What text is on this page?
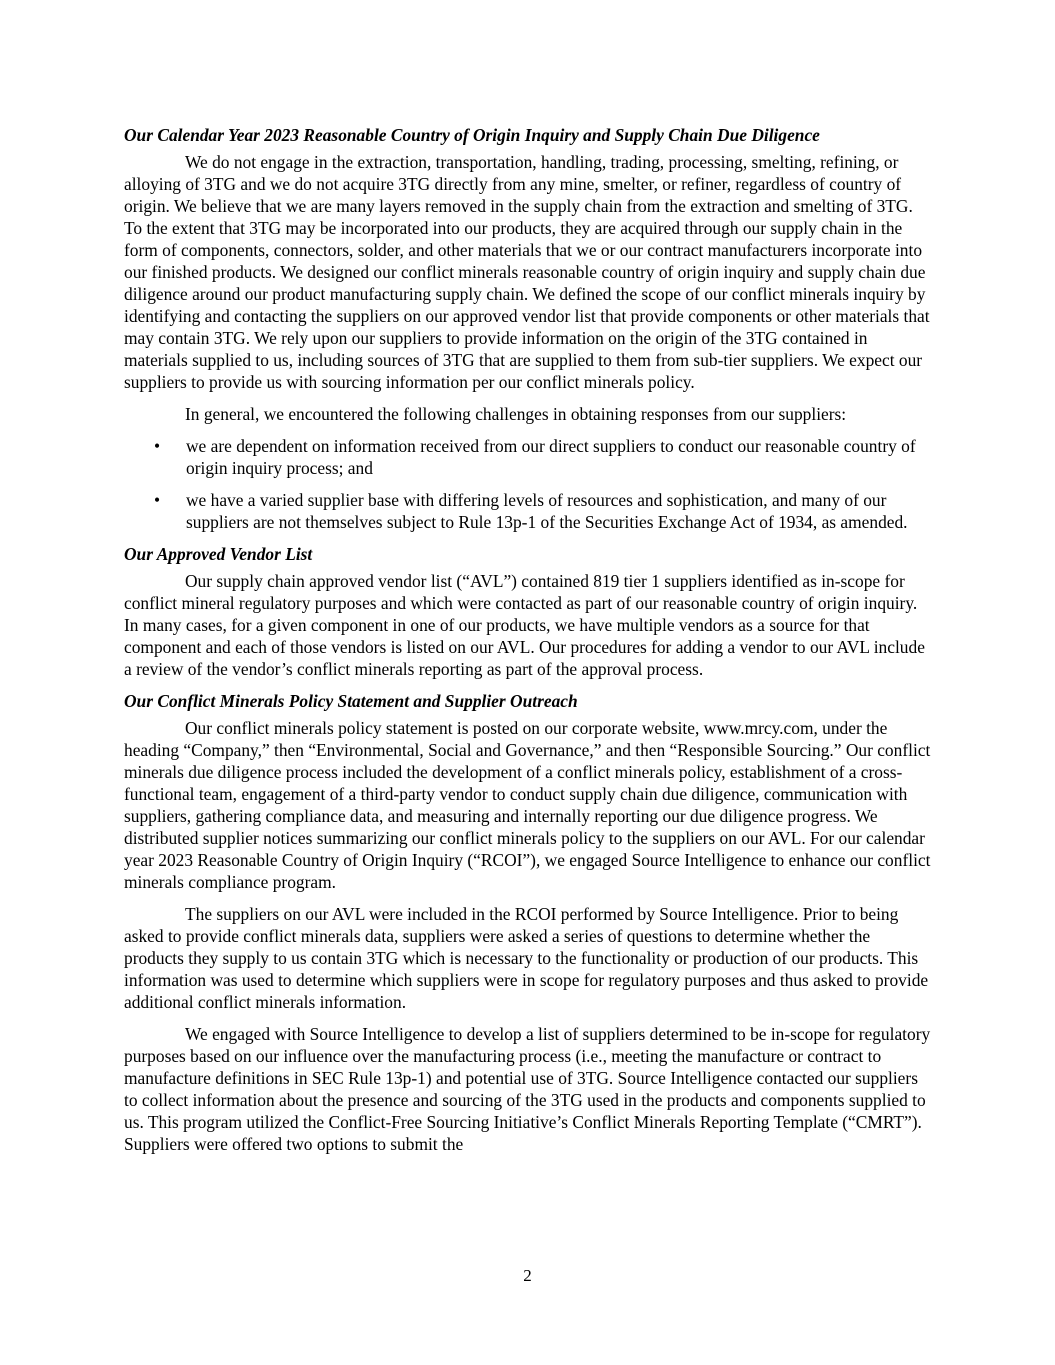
Our Calendar Year 2023 Reasonable Country of Origin Inquiry and Supply Chain Due Diligence

We do not engage in the extraction, transportation, handling, trading, processing, smelting, refining, or alloying of 3TG and we do not acquire 3TG directly from any mine, smelter, or refiner, regardless of country of origin. We believe that we are many layers removed in the supply chain from the extraction and smelting of 3TG. To the extent that 3TG may be incorporated into our products, they are acquired through our supply chain in the form of components, connectors, solder, and other materials that we or our contract manufacturers incorporate into our finished products. We designed our conflict minerals reasonable country of origin inquiry and supply chain due diligence around our product manufacturing supply chain. We defined the scope of our conflict minerals inquiry by identifying and contacting the suppliers on our approved vendor list that provide components or other materials that may contain 3TG. We rely upon our suppliers to provide information on the origin of the 3TG contained in materials supplied to us, including sources of 3TG that are supplied to them from sub-tier suppliers. We expect our suppliers to provide us with sourcing information per our conflict minerals policy.

In general, we encountered the following challenges in obtaining responses from our suppliers:

• we are dependent on information received from our direct suppliers to conduct our reasonable country of origin inquiry process; and
• we have a varied supplier base with differing levels of resources and sophistication, and many of our suppliers are not themselves subject to Rule 13p-1 of the Securities Exchange Act of 1934, as amended.
Our Approved Vendor List

Our supply chain approved vendor list (“AVL”) contained 819 tier 1 suppliers identified as in-scope for conflict mineral regulatory purposes and which were contacted as part of our reasonable country of origin inquiry. In many cases, for a given component in one of our products, we have multiple vendors as a source for that component and each of those vendors is listed on our AVL. Our procedures for adding a vendor to our AVL include a review of the vendor’s conflict minerals reporting as part of the approval process.

Our Conflict Minerals Policy Statement and Supplier Outreach

Our conflict minerals policy statement is posted on our corporate website, www.mrcy.com, under the heading “Company,” then “Environmental, Social and Governance,” and then “Responsible Sourcing.” Our conflict minerals due diligence process included the development of a conflict minerals policy, establishment of a cross-functional team, engagement of a third-party vendor to conduct supply chain due diligence, communication with suppliers, gathering compliance data, and measuring and internally reporting our due diligence progress. We distributed supplier notices summarizing our conflict minerals policy to the suppliers on our AVL. For our calendar year 2023 Reasonable Country of Origin Inquiry (“RCOI”), we engaged Source Intelligence to enhance our conflict minerals compliance program.

The suppliers on our AVL were included in the RCOI performed by Source Intelligence. Prior to being asked to provide conflict minerals data, suppliers were asked a series of questions to determine whether the products they supply to us contain 3TG which is necessary to the functionality or production of our products. This information was used to determine which suppliers were in scope for regulatory purposes and thus asked to provide additional conflict minerals information.

We engaged with Source Intelligence to develop a list of suppliers determined to be in-scope for regulatory purposes based on our influence over the manufacturing process (i.e., meeting the manufacture or contract to manufacture definitions in SEC Rule 13p-1) and potential use of 3TG. Source Intelligence contacted our suppliers to collect information about the presence and sourcing of the 3TG used in the products and components supplied to us. This program utilized the Conflict-Free Sourcing Initiative’s Conflict Minerals Reporting Template (“CMRT”). Suppliers were offered two options to submit the

2
